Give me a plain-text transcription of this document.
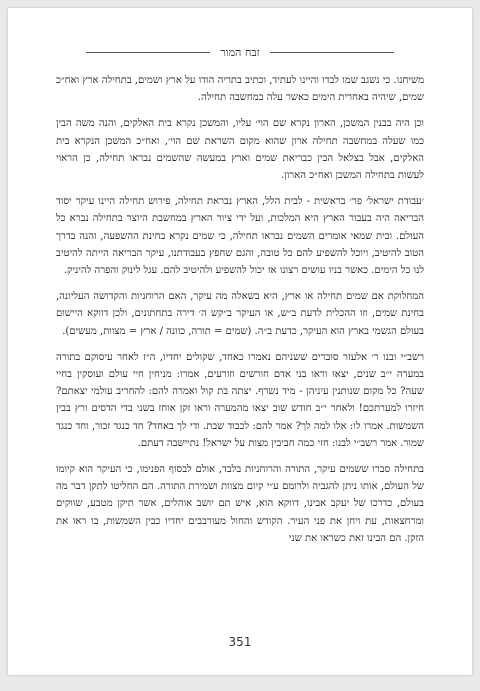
זבח המור

משיחנו. כי נשגב שמו לבדו והיינו לעתיד, וכתיב בתריה הודו על ארץ ושמים, בתחילה ארץ ואח״כ שמים, שיהיה באחרית הימים כאשר עלה במחשבה תחילה.

וכן היה בבנין המשכן, הארון נקרא שם הוי׳ עליו, והמשכן נקרא בית האלקים, והנה משה הבין כמו שעלה במחשבה תחילה ארון שהוא מקום השראת שם הוי׳, ואח״כ המשכן הנקרא בית האלקים, אבל בצלאל הבין כבריאת שמים וארץ במעשה שהשמים נבראו תחילה, כן הראוי לעשות בתחילה המשכן ואח״כ הארון.

׳עבודת ישראל׳ פר׳ בראשית - לבית הלל, הארץ נבראת תחילה, פירוש תחילה היינו עיקר יסוד הבריאה היה בעבור הארץ היא המלכות, ועל ידי ציור הארץ במחשבת היוצר בתחילה נברא כל העולם. ובית שמאי אומרים השמים נבראו תחילה, כי שמים נקרא בחינת ההשפעה, והנה בדרך הטוב להיטיב, ויוכל להשפיע להם כל טובה, והגם שחפץ בעבודתנו, עיקר הבריאה הייתה להיטיב לנו כל הימים. כאשר בניו עושים רצונו אז יכול להשפיע ולהיטיב להם. עגל לינוק והפרה להיניק.

המחלוקת אם שמים תחילה או ארץ, היא בשאלה מה עיקר, האם הרוחניות והקדושה העליונה, בחינת שמים, וזו ההכלית לדעת ב״ש, או העיקר ב״קש ה׳ דירה בתחתונים, ולכן דווקא היישום בעולם הגשמי בארץ הוא העיקר, כדעת ב״ה. (שמים = תורה, כוונה / ארץ = מצוות, מעשים).

רשב״י ובנו ר׳ אלעזר סוברים ששניהם נאמרו כאחד, שקולים יחדיו, ה״ז לאחר עיסוקם בתורה במערה י״ב שנים, יצאו וראו בני אדם חורשים וזורעים, אמרו: מניחין חיי עולם ועוסקין בחיי שעה? כל מקום שנותנין עיניהן - מיד נשרף. יצתה בת קול ואמרה להם: להחריב עולמי יצאתם? חיזרו למערתכם! ולאחר י״ב חודש שוב יצאו מהמערה וראו זקן אוחז בשני בדי הדסים ורץ בבין השמשות. אמרו לו: אלו למה לך? אמר להם: לכבוד שבת. ודי לך באחד? חד כנגד זכור, וחד כנגד שמור. אמר רשב״י לבנו: חזי כמה חביבין מצות על ישראל! נתיישבה דעתם.

בתחילה סברו ששמים עיקר, התורה והרוחניות בלבד, אולם לבסוף הפנימו, כי העיקר הוא קיומו של העולם, אותו ניתן להגביה ולרומם ע״י קיום מצוות ושמירת התורה. הם החליטו לתקן דבר מה בעולם, כדרכו של יעקב אבינו, דווקא הוא, איש תם יושב אוהלים, אשר תיקן מטבע, שווקים ומרחצאות, עת ויחן את פני העיר. הקודש והחול מעורבבים יחדיו כבין השמשות, בו ראו את הזקן. הם הבינו זאת כשראו את שני

351
